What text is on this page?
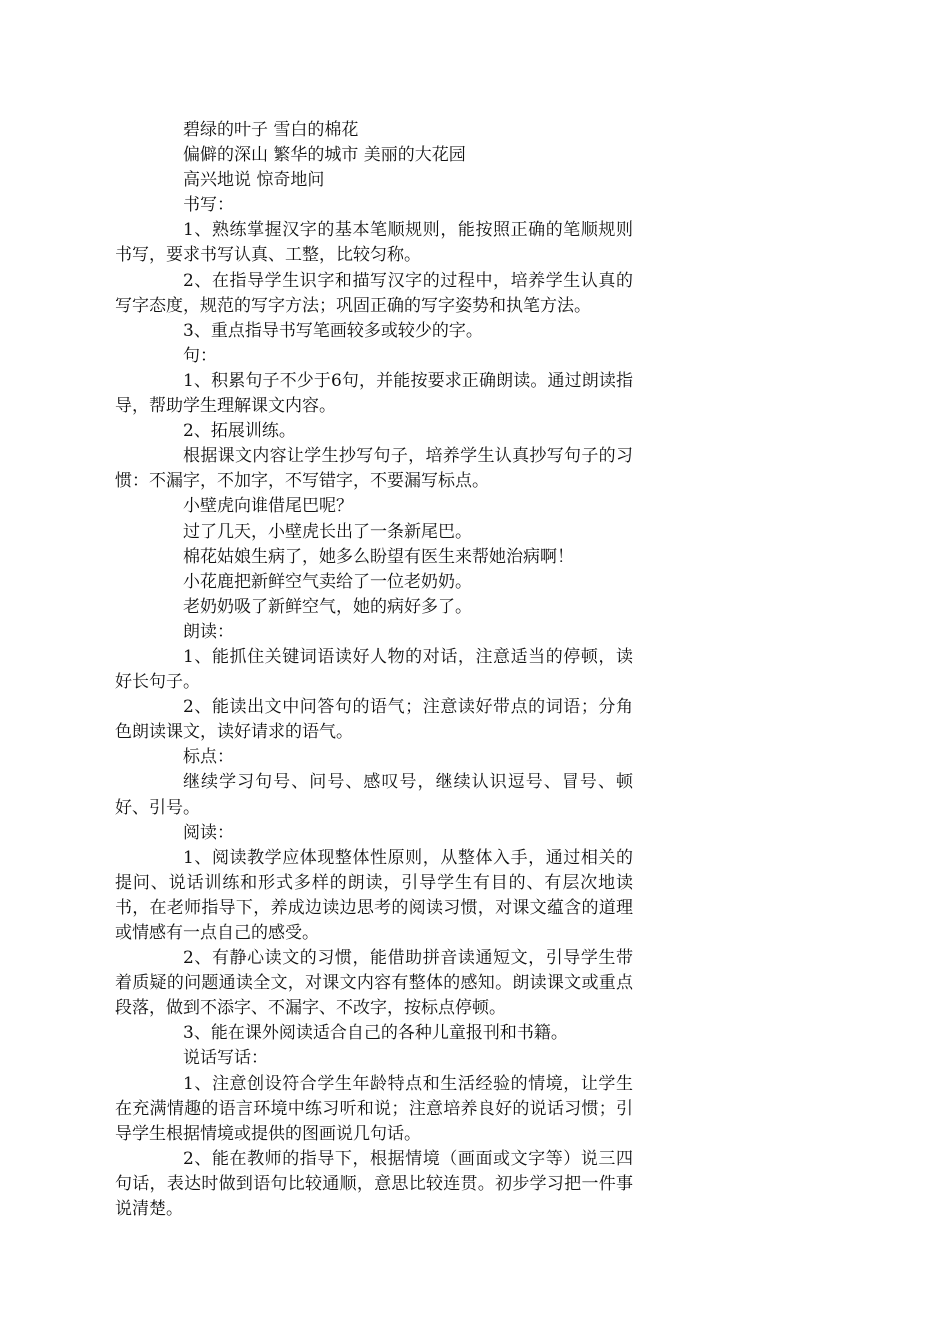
碧绿的叶子 雪白的棉花

偏僻的深山 繁华的城市 美丽的大花园

高兴地说 惊奇地问

书写：

1、熟练掌握汉字的基本笔顺规则，能按照正确的笔顺规则书写，要求书写认真、工整，比较匀称。

2、在指导学生识字和描写汉字的过程中，培养学生认真的写字态度，规范的写字方法；巩固正确的写字姿势和执笔方法。

3、重点指导书写笔画较多或较少的字。

句：

1、积累句子不少于6句，并能按要求正确朗读。通过朗读指导，帮助学生理解课文内容。

2、拓展训练。

根据课文内容让学生抄写句子，培养学生认真抄写句子的习惯：不漏字，不加字，不写错字，不要漏写标点。

小壁虎向谁借尾巴呢？

过了几天，小壁虎长出了一条新尾巴。

棉花姑娘生病了，她多么盼望有医生来帮她治病啊！

小花鹿把新鲜空气卖给了一位老奶奶。

老奶奶吸了新鲜空气，她的病好多了。

朗读：

1、能抓住关键词语读好人物的对话，注意适当的停顿，读好长句子。

2、能读出文中问答句的语气；注意读好带点的词语；分角色朗读课文，读好请求的语气。

标点：

继续学习句号、问号、感叹号，继续认识逗号、冒号、顿好、引号。

阅读：

1、阅读教学应体现整体性原则，从整体入手，通过相关的提问、说话训练和形式多样的朗读，引导学生有目的、有层次地读书，在老师指导下，养成边读边思考的阅读习惯，对课文蕴含的道理或情感有一点自己的感受。

2、有静心读文的习惯，能借助拼音读通短文，引导学生带着质疑的问题通读全文，对课文内容有整体的感知。朗读课文或重点段落，做到不添字、不漏字、不改字，按标点停顿。

3、能在课外阅读适合自己的各种儿童报刊和书籍。

说话写话：

1、注意创设符合学生年龄特点和生活经验的情境，让学生在充满情趣的语言环境中练习听和说；注意培养良好的说话习惯；引导学生根据情境或提供的图画说几句话。

2、能在教师的指导下，根据情境（画面或文字等）说三四句话，表达时做到语句比较通顺，意思比较连贯。初步学习把一件事说清楚。
